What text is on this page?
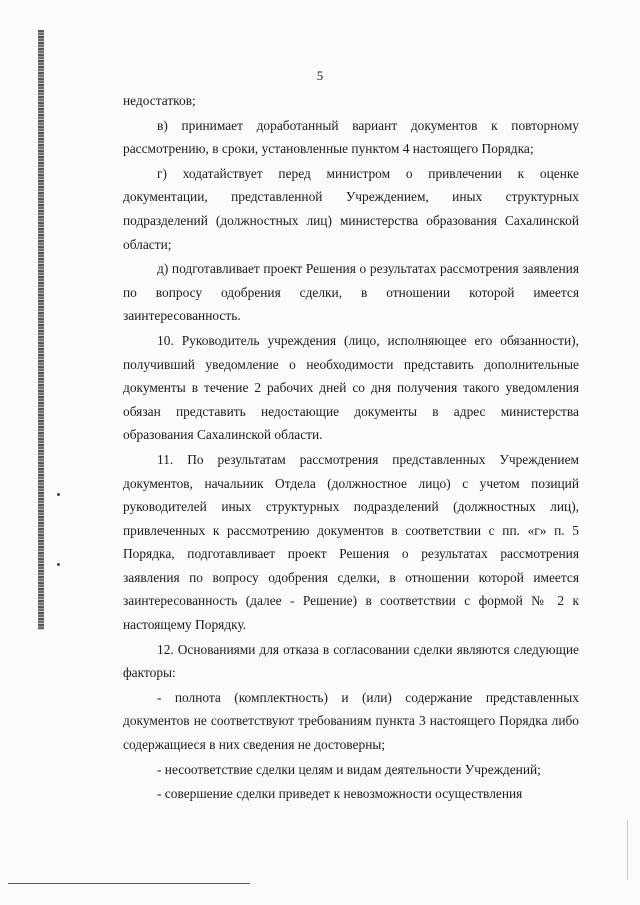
5

недостатков;

в) принимает доработанный вариант документов к повторному рассмотрению, в сроки, установленные пунктом 4 настоящего Порядка;

г) ходатайствует перед министром о привлечении к оценке документации, представленной Учреждением, иных структурных подразделений (должностных лиц) министерства образования Сахалинской области;

д) подготавливает проект Решения о результатах рассмотрения заявления по вопросу одобрения сделки, в отношении которой имеется заинтересованность.

10. Руководитель учреждения (лицо, исполняющее его обязанности), получивший уведомление о необходимости представить дополнительные документы в течение 2 рабочих дней со дня получения такого уведомления обязан представить недостающие документы в адрес министерства образования Сахалинской области.

11. По результатам рассмотрения представленных Учреждением документов, начальник Отдела (должностное лицо) с учетом позиций руководителей иных структурных подразделений (должностных лиц), привлеченных к рассмотрению документов в соответствии с пп. «г» п. 5 Порядка, подготавливает проект Решения о результатах рассмотрения заявления по вопросу одобрения сделки, в отношении которой имеется заинтересованность (далее - Решение) в соответствии с формой № 2 к настоящему Порядку.

12. Основаниями для отказа в согласовании сделки являются следующие факторы:

- полнота (комплектность) и (или) содержание представленных документов не соответствуют требованиям пункта 3 настоящего Порядка либо содержащиеся в них сведения не достоверны;

- несоответствие сделки целям и видам деятельности Учреждений;

- совершение сделки приведет к невозможности осуществления
